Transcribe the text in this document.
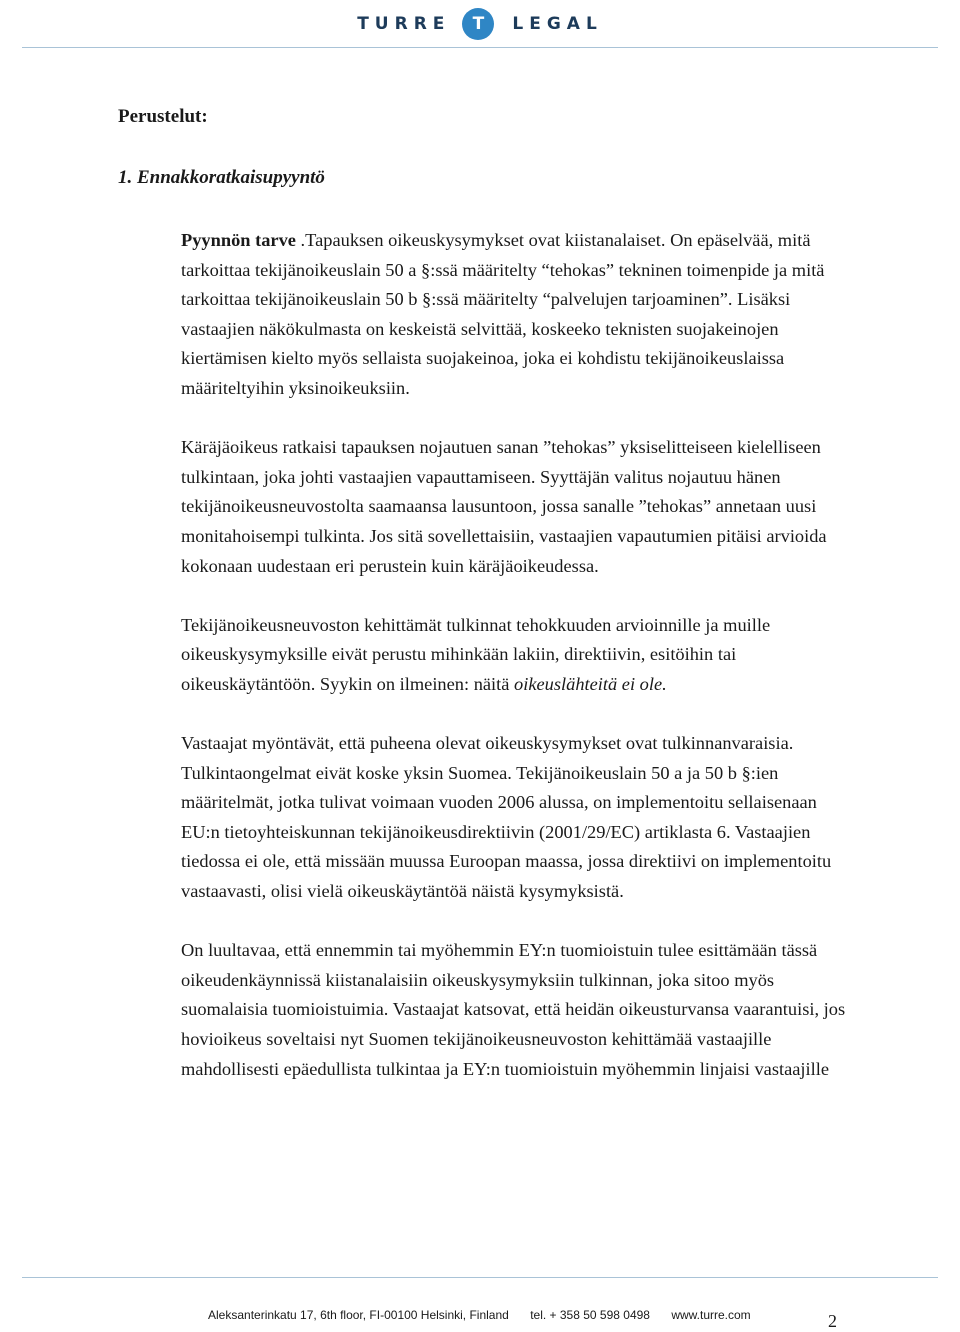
TURRE T LEGAL
Perustelut:
1. Ennakkoratkaisupyyntö

Pyynnön tarve .Tapauksen oikeuskysymykset ovat kiistanalaiset. On epäselvää, mitä tarkoittaa tekijänoikeuslain 50 a §:ssä määritelty “tehokas” tekninen toimenpide ja mitä tarkoittaa tekijänoikeuslain 50 b §:ssä määritelty “palvelujen tarjoaminen”. Lisäksi vastaajien näkökulmasta on keskeistä selvittää, koskeeko teknisten suojakeinojen kiertämisen kielto myös sellaista suojakeinoa, joka ei kohdistu tekijänoikeuslaissa määriteltyihin yksinoikeuksiin.

Käräjäoikeus ratkaisi tapauksen nojautuen sanan ”tehokas” yksiselitteiseen kielelliseen tulkintaan, joka johti vastaajien vapauttamiseen. Syyttäjän valitus nojautuu hänen tekijänoikeusneuvostolta saamaansa lausuntoon, jossa sanalle ”tehokas” annetaan uusi monitahoisempi tulkinta. Jos sitä sovellettaisiin, vastaajien vapautumien pitäisi arvioida kokonaan uudestaan eri perustein kuin käräjäoikeudessa.

Tekijänoikeusneuvoston kehittämät tulkinnat tehokkuuden arvioinnille ja muille oikeuskysymyksille eivät perustu mihinkään lakiin, direktiivin, esitöihin tai oikeuskäytäntöön. Syykin on ilmeinen: näitä oikeuslähteitä ei ole.

Vastaajat myöntävät, että puheena olevat oikeuskysymykset ovat tulkinnanvaraisia. Tulkintaongelmat eivät koske yksin Suomea. Tekijänoikeuslain 50 a ja 50 b §:ien määritelmät, jotka tulivat voimaan vuoden 2006 alussa, on implementoitu sellaisenaan EU:n tietoyhteiskunnan tekijänoikeusdirektiivin (2001/29/EC) artiklasta 6. Vastaajien tiedossa ei ole, että missään muussa Euroopan maassa, jossa direktiivi on implementoitu vastaavasti, olisi vielä oikeuskäytäntöä näistä kysymyksistä.

On luultavaa, että ennemmin tai myöhemmin EY:n tuomioistuin tulee esittämään tässä oikeudenkäynnissä kiistanalaisiin oikeuskysymyksiin tulkinnan, joka sitoo myös suomalaisia tuomioistuimia. Vastaajat katsovat, että heidän oikeusturvansa vaarantuisi, jos hovioikeus soveltaisi nyt Suomen tekijänoikeusneuvoston kehittämää vastaajille mahdollisesti epäedullista tulkintaa ja EY:n tuomioistuin myöhemmin linjaisi vastaajille

Aleksanterinkatu 17, 6th floor, FI-00100 Helsinki, Finland tel. + 358 50 598 0498 www.turre.com	2
